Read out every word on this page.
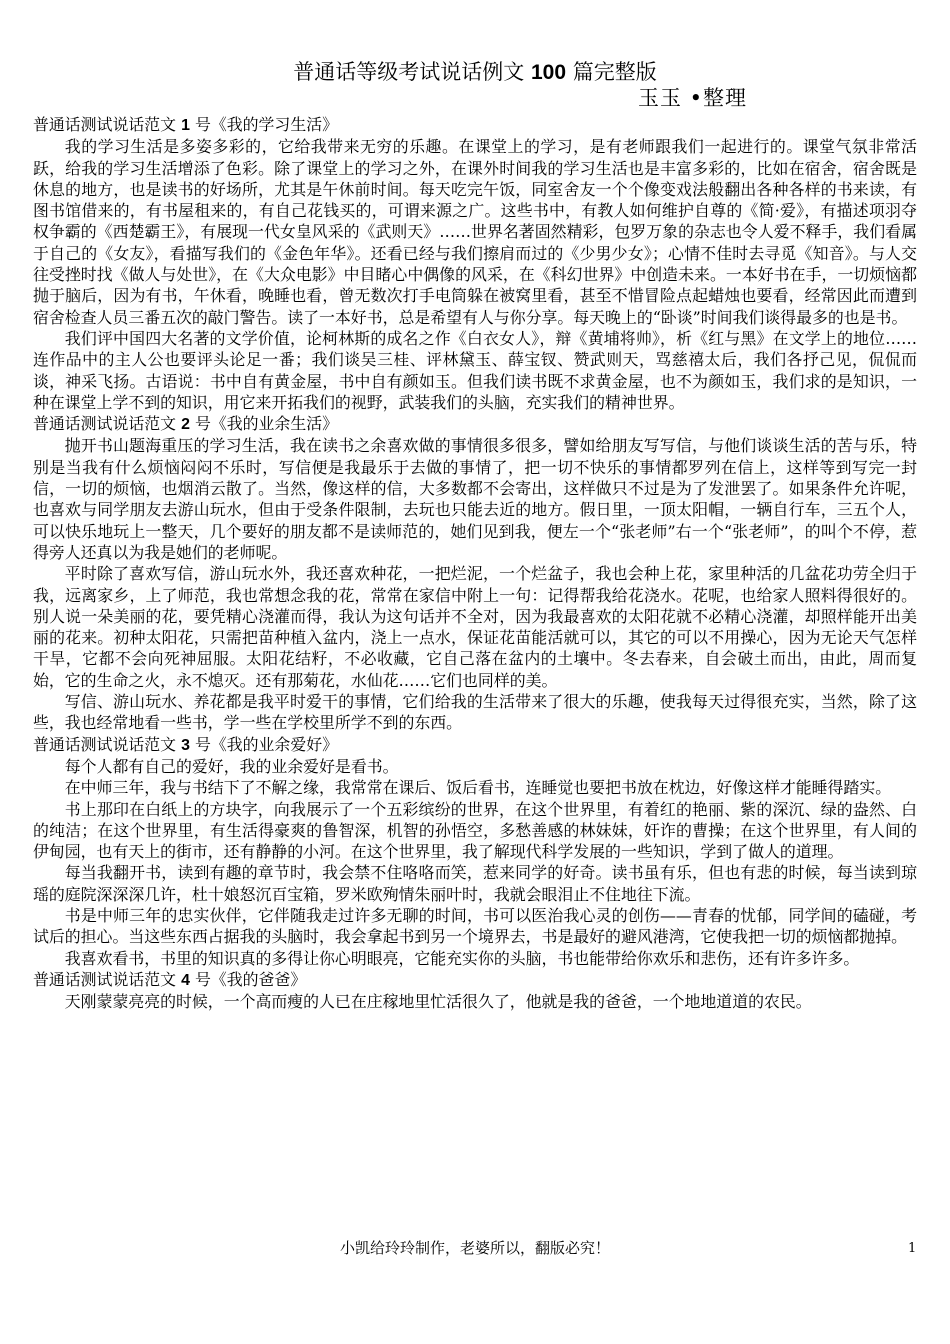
普通话等级考试说话例文 100 篇完整版
玉玉 •整理
普通话测试说话范文 1 号《我的学习生活》

我的学习生活是多姿多彩的，它给我带来无穷的乐趣。在课堂上的学习，是有老师跟我们一起进行的。课堂气氛非常活跃，给我的学习生活增添了色彩。除了课堂上的学习之外，在课外时间我的学习生活也是丰富多彩的，比如在宿舍，宿舍既是休息的地方，也是读书的好场所，尤其是午休前时间。每天吃完午饭，同室舍友一个个像变戏法般翻出各种各样的书来读，有图书馆借来的，有书屋租来的，有自己花钱买的，可谓来源之广。这些书中，有教人如何维护自尊的《简·爱》，有描述项羽夺权争霸的《西楚霸王》，有展现一代女皇风采的《武则天》……世界名著固然精彩，包罗万象的杂志也令人爱不释手，我们看属于自己的《女友》，看描写我们的《金色年华》。还看已经与我们擦肩而过的《少男少女》；心情不佳时去寻觅《知音》。与人交往受挫时找《做人与处世》，在《大众电影》中目睹心中偶像的风采，在《科幻世界》中创造未来。一本好书在手，一切烦恼都抛于脑后，因为有书，午休看，晚睡也看，曾无数次打手电筒躲在被窝里看，甚至不惜冒险点起蜡烛也要看，经常因此而遭到宿舍检查人员三番五次的敲门警告。读了一本好书，总是希望有人与你分享。每天晚上的“卧谈”时间我们谈得最多的也是书。

我们评中国四大名著的文学价值，论柯林斯的成名之作《白衣女人》，辩《黄埔将帅》，析《红与黑》在文学上的地位……连作品中的主人公也要评头论足一番；我们谈吴三桂、评林黛玉、薛宝钗、赞武则天，骂慈禧太后，我们各抒己见，侃侃而谈，神采飞扬。古语说：书中自有黄金屋，书中自有颜如玉。但我们读书既不求黄金屋，也不为颜如玉，我们求的是知识，一种在课堂上学不到的知识，用它来开拓我们的视野，武装我们的头脑，充实我们的精神世界。

普通话测试说话范文 2 号《我的业余生活》

抛开书山题海重压的学习生活，我在读书之余喜欢做的事情很多很多，譬如给朋友写写信，与他们谈谈生活的苦与乐，特别是当我有什么烦恼闷闷不乐时，写信便是我最乐于去做的事情了，把一切不快乐的事情都罗列在信上，这样等到写完一封信，一切的烦恼，也烟消云散了。当然，像这样的信，大多数都不会寄出，这样做只不过是为了发泄罢了。如果条件允许呢，也喜欢与同学朋友去游山玩水，但由于受条件限制，去玩也只能去近的地方。假日里，一顶太阳帽，一辆自行车，三五个人，可以快乐地玩上一整天，几个要好的朋友都不是读师范的，她们见到我，便左一个“张老师”右一个“张老师”，的叫个不停，惹得旁人还真以为我是她们的老师呢。

平时除了喜欢写信，游山玩水外，我还喜欢种花，一把烂泥，一个烂盆子，我也会种上花，家里种活的几盆花功劳全归于我，远离家乡，上了师范，我也常想念我的花，常常在家信中附上一句：记得帮我给花浇水。花呢，也给家人照料得很好的。别人说一朵美丽的花，要凭精心浇灌而得，我认为这句话并不全对，因为我最喜欢的太阳花就不必精心浇灌，却照样能开出美丽的花来。初种太阳花，只需把苗种植入盆内，浇上一点水，保证花苗能活就可以，其它的可以不用操心，因为无论天气怎样干旱，它都不会向死神屈服。太阳花结籽，不必收藏，它自己落在盆内的土壤中。冬去春来，自会破土而出，由此，周而复始，它的生命之火，永不熄灭。还有那菊花，水仙花……它们也同样的美。

写信、游山玩水、养花都是我平时爱干的事情，它们给我的生活带来了很大的乐趣，使我每天过得很充实，当然，除了这些，我也经常地看一些书，学一些在学校里所学不到的东西。

普通话测试说话范文 3 号《我的业余爱好》

每个人都有自己的爱好，我的业余爱好是看书。

在中师三年，我与书结下了不解之缘，我常常在课后、饭后看书，连睡觉也要把书放在枕边，好像这样才能睡得踏实。

书上那印在白纸上的方块字，向我展示了一个五彩缤纷的世界，在这个世界里，有着红的艳丽、紫的深沉、绿的盎然、白的纯洁；在这个世界里，有生活得豪爽的鲁智深，机智的孙悟空，多愁善感的林妹妹，奸诈的曹操；在这个世界里，有人间的伊甸园，也有天上的街市，还有静静的小河。在这个世界里，我了解现代科学发展的一些知识，学到了做人的道理。

每当我翻开书，读到有趣的章节时，我会禁不住咯咯而笑，惹来同学的好奇。读书虽有乐，但也有悲的时候，每当读到琼瑶的庭院深深深几许，杜十娘怒沉百宝箱，罗米欧殉情朱丽叶时，我就会眼泪止不住地往下流。

书是中师三年的忠实伙伴，它伴随我走过许多无聊的时间，书可以医治我心灵的创伤——青春的忧郁，同学间的磕碰，考试后的担心。当这些东西占据我的头脑时，我会拿起书到另一个境界去，书是最好的避风港湾，它使我把一切的烦恼都抛掉。

我喜欢看书，书里的知识真的多得让你心明眼亮，它能充实你的头脑，书也能带给你欢乐和悲伤，还有许多许多。

普通话测试说话范文 4 号《我的爸爸》

天刚蒙蒙亮亮的时候，一个高而瘦的人已在庄稼地里忙活很久了，他就是我的爸爸，一个地地道道的农民。

小凯给玲玲制作，老婆所以，翻版必究！	1
